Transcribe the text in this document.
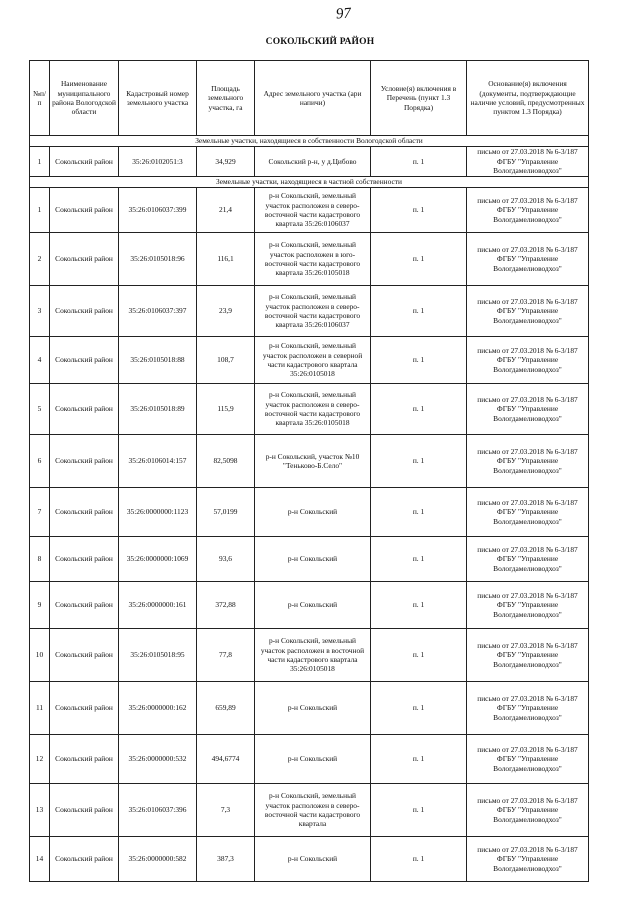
97
СОКОЛЬСКИЙ РАЙОН
№п/п	Наименование муниципального района Вологодской области	Кадастровый номер земельного участка	Площадь земельного участка, га	Адрес земельного участка (ари напичи)	Условие(я) включения в Перечень (пункт 1.3 Порядка)	Основание(я) включения (документы, подтверждающие наличие условий, предусмотренных пунктом 1.3 Порядка)
Земельные участки, находящиеся в собственности Вологодской области						
1	Сокольский район	35:26:0102051:3	34,929	Сокольский р-н, у д.Цибово	п. 1	письмо от 27.03.2018 № 6-3/187 ФГБУ "Управление Вологдамелиоводхоз"
Земельные участки, находящиеся в частной собственности						
1	Сокольский район	35:26:0106037:399	21,4	р-н Сокольский, земельный участок расположен в северо-восточной части кадастрового квартала 35:26:0106037	п. 1	письмо от 27.03.2018 № 6-3/187 ФГБУ "Управление Вологдамелиоводхоз"
2	Сокольский район	35:26:0105018:96	116,1	р-н Сокольский, земельный участок расположен в юго-восточной части кадастрового квартала 35:26:0105018	п. 1	письмо от 27.03.2018 № 6-3/187 ФГБУ "Управление Вологдамелиоводхоз"
3	Сокольский район	35:26:0106037:397	23,9	р-н Сокольский, земельный участок расположен в северо-восточной части кадастрового квартала 35:26:0106037	п. 1	письмо от 27.03.2018 № 6-3/187 ФГБУ "Управление Вологдамелиоводхоз"
4	Сокольский район	35:26:0105018:88	108,7	р-н Сокольский, земельный участок расположен в северной части кадастрового квартала 35:26:0105018	п. 1	письмо от 27.03.2018 № 6-3/187 ФГБУ "Управление Вологдамелиоводхоз"
5	Сокольский район	35:26:0105018:89	115,9	р-н Сокольский, земельный участок расположен в северо-восточной части кадастрового квартала 35:26:0105018	п. 1	письмо от 27.03.2018 № 6-3/187 ФГБУ "Управление Вологдамелиоводхоз"
6	Сокольский район	35:26:0106014:157	82,5098	р-н Сокольский, участок №10 "Теньково-Б.Село"	п. 1	письмо от 27.03.2018 № 6-3/187 ФГБУ "Управление Вологдамелиоводхоз"
7	Сокольский район	35:26:0000000:1123	57,0199	р-н Сокольский	п. 1	письмо от 27.03.2018 № 6-3/187 ФГБУ "Управление Вологдамелиоводхоз"
8	Сокольский район	35:26:0000000:1069	93,6	р-н Сокольский	п. 1	письмо от 27.03.2018 № 6-3/187 ФГБУ "Управление Вологдамелиоводхоз"
9	Сокольский район	35:26:0000000:161	372,88	р-н Сокольский	п. 1	письмо от 27.03.2018 № 6-3/187 ФГБУ "Управление Вологдамелиоводхоз"
10	Сокольский район	35:26:0105018:95	77,8	р-н Сокольский, земельный участок расположен в восточной части кадастрового квартала 35:26:0105018	п. 1	письмо от 27.03.2018 № 6-3/187 ФГБУ "Управление Вологдамелиоводхоз"
11	Сокольский район	35:26:0000000:162	659,89	р-н Сокольский	п. 1	письмо от 27.03.2018 № 6-3/187 ФГБУ "Управление Вологдамелиоводхоз"
12	Сокольский район	35:26:0000000:532	494,6774	р-н Сокольский	п. 1	письмо от 27.03.2018 № 6-3/187 ФГБУ "Управление Вологдамелиоводхоз"
13	Сокольский район	35:26:0106037:396	7,3	р-н Сокольский, земельный участок расположен в северо-восточной части кадастрового квартала	п. 1	письмо от 27.03.2018 № 6-3/187 ФГБУ "Управление Вологдамелиоводхоз"
14	Сокольский район	35:26:0000000:582	387,3	р-н Сокольский	п. 1	письмо от 27.03.2018 № 6-3/187 ФГБУ "Управление Вологдамелиоводхоз"
